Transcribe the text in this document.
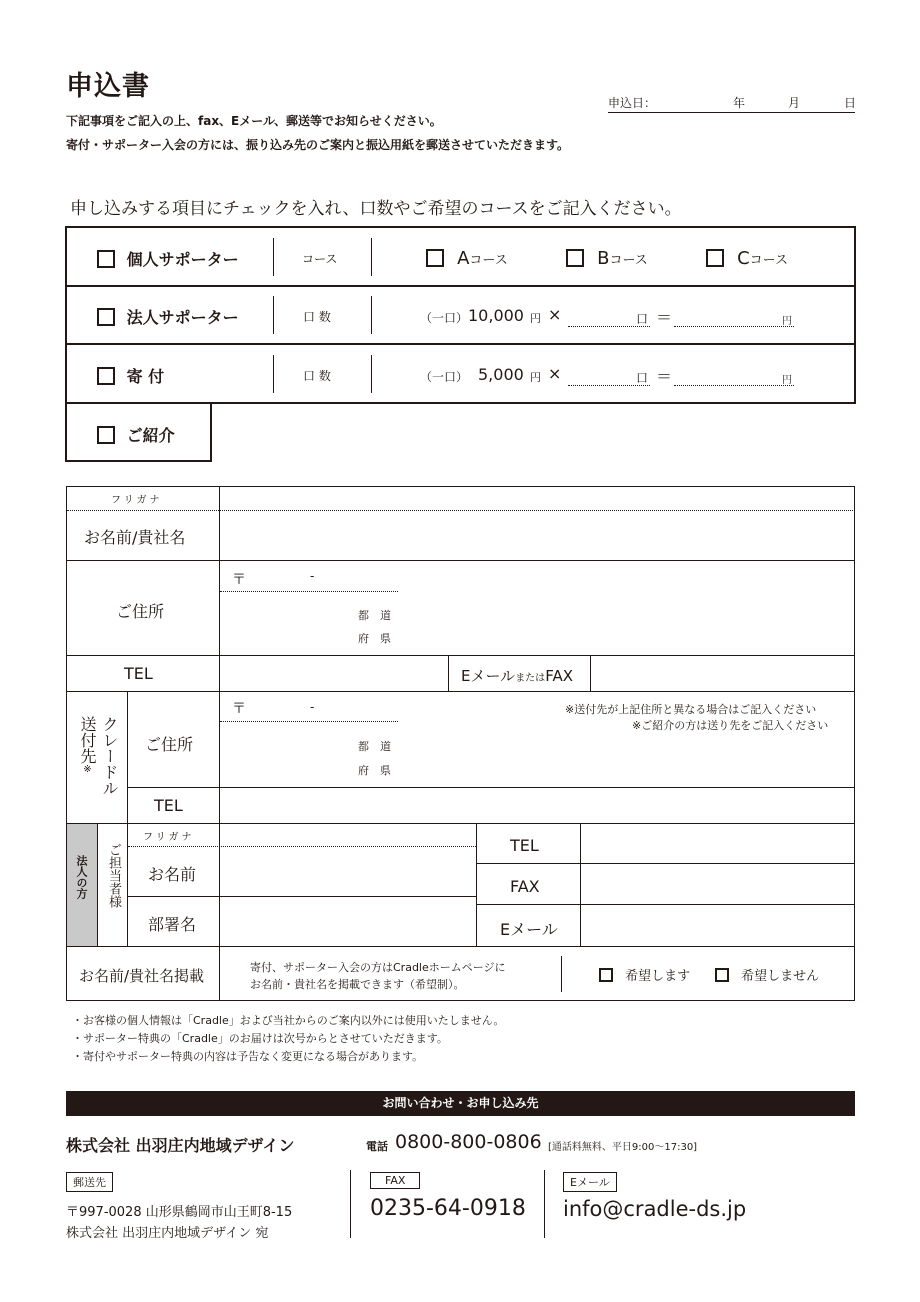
申込書
下記事項をご記入の上、fax、Eメール、郵送等でお知らせください。
寄付・サポーター入会の方には、振り込み先のご案内と振込用紙を郵送させていただきます。
申込日：	年	月	日
申し込みする項目にチェックを入れ、口数やご希望のコースをご記入ください。
個人サポーター	コース	Aコース	Bコース	Cコース
法人サポーター	口 数	（一口） 10,000 円 ×	口 ＝	円
寄 付	口 数	（一口） 5,000 円 ×	口 ＝	円
ご紹介
フリガナ
お名前/貴社名
ご住所
〒	-
都　道
府　県
TEL	EメールまたはFAX
送付先※ クレードル ご住所
〒	-
都　道
府　県
※送付先が上記住所と異なる場合はご記入ください
※ご紹介の方は送り先をご記入ください
TEL
法人の方 ご担当者様
フリガナ
お名前
部署名
TEL
FAX
Eメール
お名前/貴社名掲載	寄付、サポーター入会の方はCradleホームページに
お名前・貴社名を掲載できます（希望制）。
希望します	希望しません
・お客様の個人情報は「Cradle」および当社からのご案内以外には使用いたしません。
・サポーター特典の「Cradle」のお届けは次号からとさせていただきます。
・寄付やサポーター特典の内容は予告なく変更になる場合があります。
お問い合わせ・お申し込み先
株式会社 出羽庄内地域デザイン	電話 0800-800-0806 [通話料無料、平日9:00〜17:30]
郵送先
〒997-0028 山形県鶴岡市山王町8-15
株式会社 出羽庄内地域デザイン 宛
FAX
0235-64-0918
Eメール
info@cradle-ds.jp
